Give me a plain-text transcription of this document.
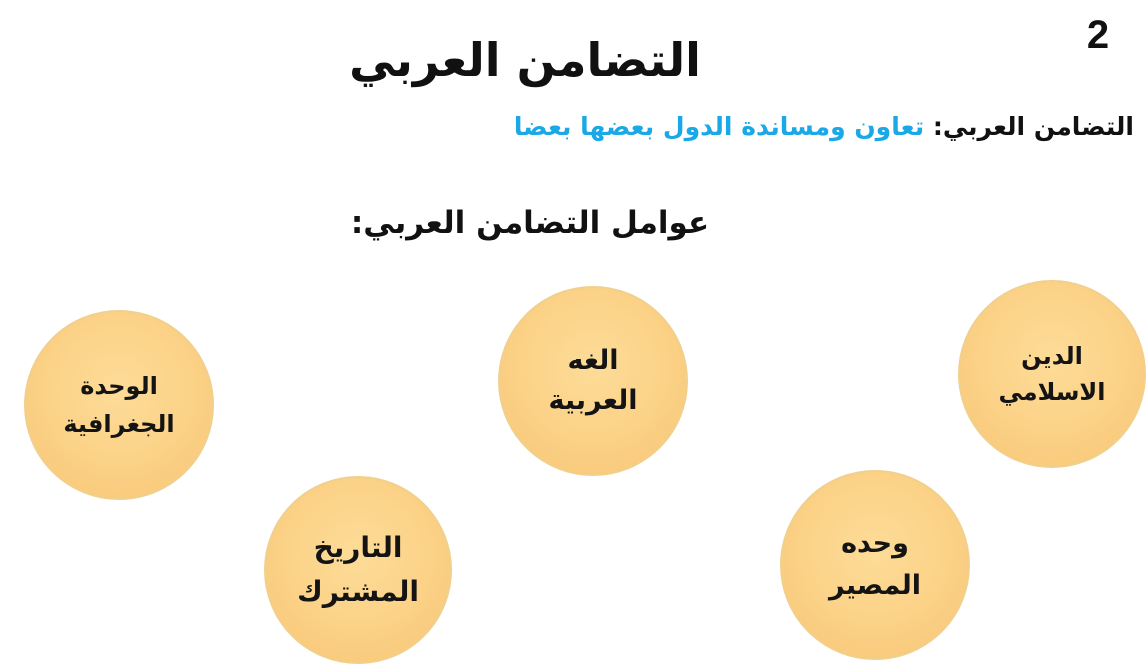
2
التضامن العربي
التضامن العربي: تعاون ومساندة الدول بعضها بعضا
عوامل التضامن العربي:
الدين
الاسلامي
الغه
العربية
الوحدة
الجغرافية
التاريخ
المشترك
وحده
المصير
